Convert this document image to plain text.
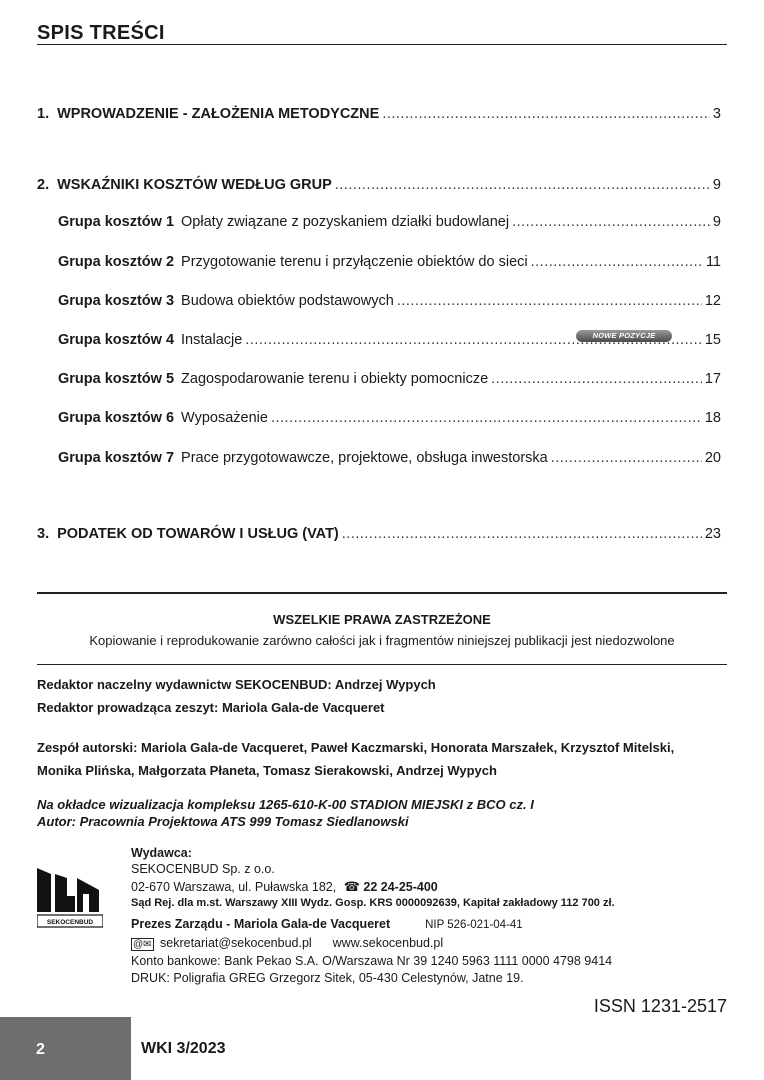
SPIS TREŚCI
1. WPROWADZENIE - ZAŁOŻENIA METODYCZNE .....	3
2. WSKAŹNIKI KOSZTÓW WEDŁUG GRUP .....	9
Grupa kosztów 1 Opłaty związane z pozyskaniem działki budowlanej .....	9
Grupa kosztów 2 Przygotowanie terenu i przyłączenie obiektów do sieci .....	11
Grupa kosztów 3 Budowa obiektów podstawowych .....	12
Grupa kosztów 4 Instalacje .....	15
NOWE POZYCJE
Grupa kosztów 5 Zagospodarowanie terenu i obiekty pomocnicze .....	17
Grupa kosztów 6 Wyposażenie .....	18
Grupa kosztów 7 Prace przygotowawcze, projektowe, obsługa inwestorska .....	20
3. PODATEK OD TOWARÓW I USŁUG (VAT) .....	23
WSZELKIE PRAWA ZASTRZEŻONE
Kopiowanie i reprodukowanie zarówno całości jak i fragmentów niniejszej publikacji jest niedozwolone
Redaktor naczelny wydawnictw SEKOCENBUD: Andrzej Wypych
Redaktor prowadząca zeszyt: Mariola Gala-de Vacqueret
Zespół autorski: Mariola Gala-de Vacqueret, Paweł Kaczmarski, Honorata Marszałek, Krzysztof Mitelski,
Monika Plińska, Małgorzata Płaneta, Tomasz Sierakowski, Andrzej Wypych
Na okładce wizualizacja kompleksu 1265-610-K-00 STADION MIEJSKI z BCO cz. I
Autor: Pracownia Projektowa ATS 999 Tomasz Siedlanowski
SEKOCENBUD
Wydawca:
SEKOCENBUD Sp. z o.o.
02-670 Warszawa, ul. Puławska 182, ☎ 22 24-25-400
Sąd Rej. dla m.st. Warszawy XIII Wydz. Gosp. KRS 0000092639, Kapitał zakładowy 112 700 zł.
Prezes Zarządu - Mariola Gala-de Vacqueret	NIP 526-021-04-41
@✉ sekretariat@sekocenbud.pl www.sekocenbud.pl
Konto bankowe: Bank Pekao S.A. O/Warszawa Nr 39 1240 5963 1111 0000 4798 9414
DRUK: Poligrafia GREG Grzegorz Sitek, 05-430 Celestynów, Jatne 19.
ISSN 1231-2517
2	WKI 3/2023
